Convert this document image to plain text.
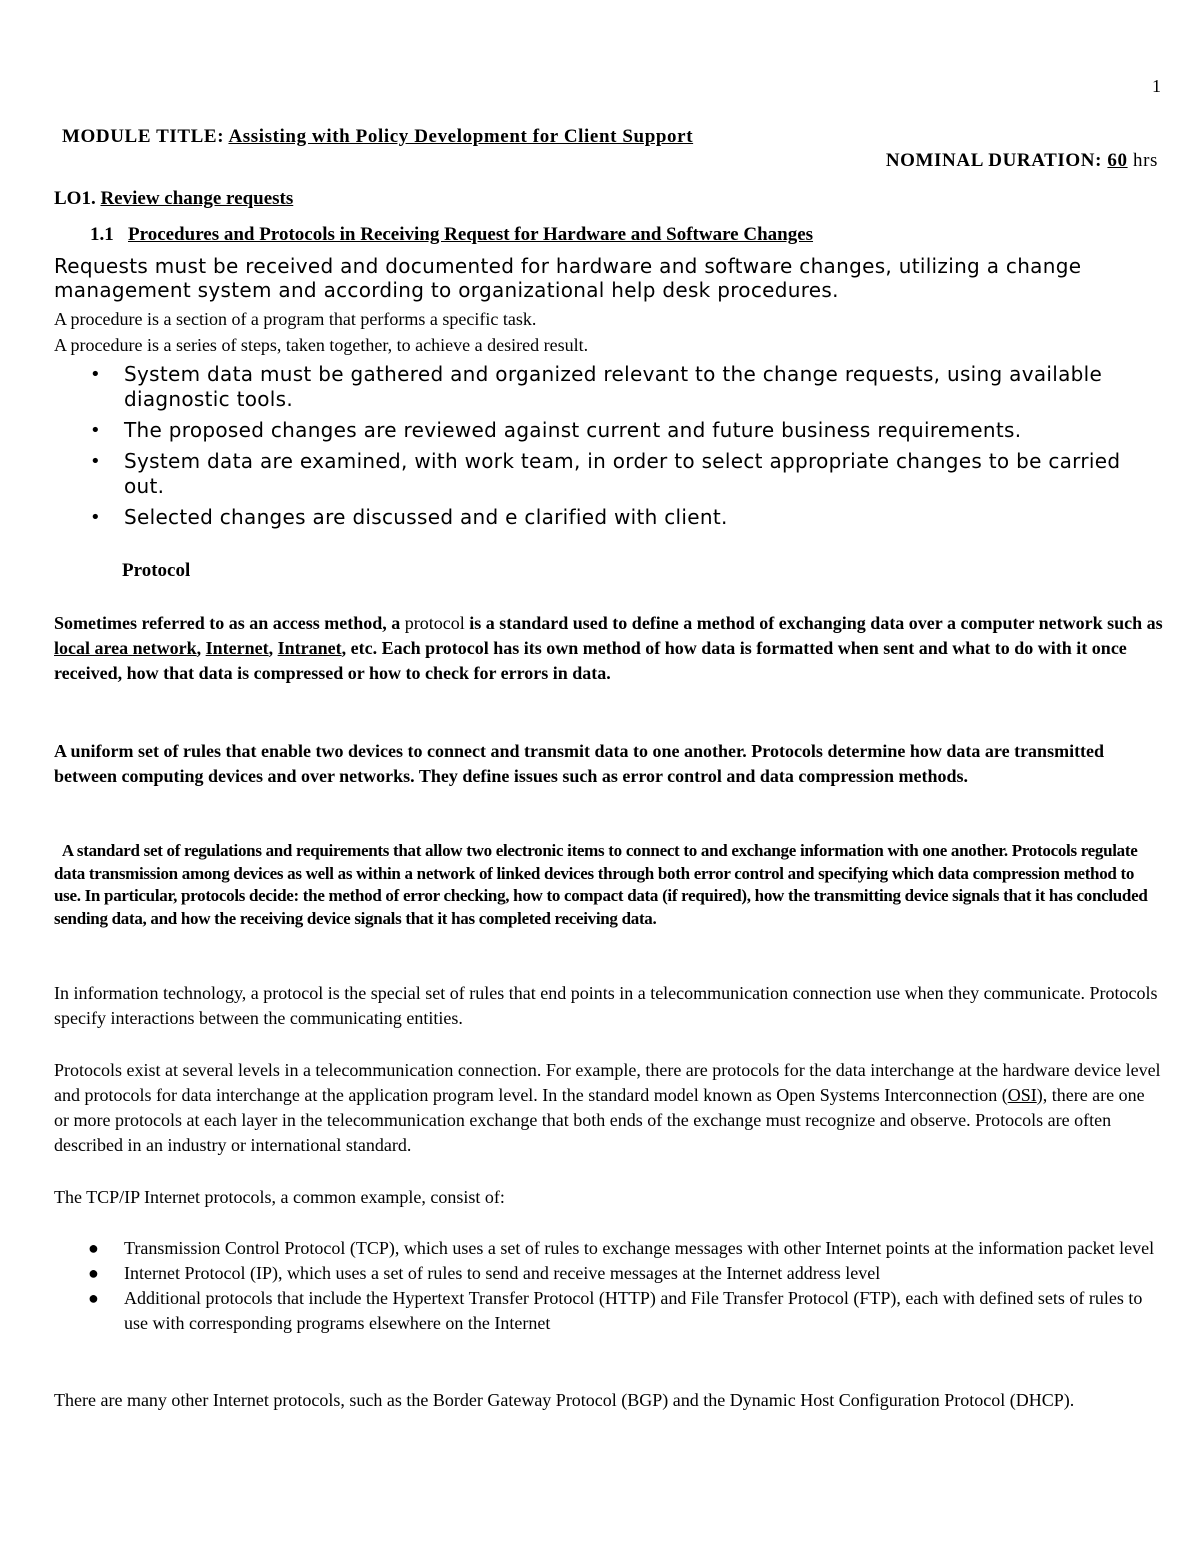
1
MODULE TITLE: Assisting with Policy Development for Client Support
NOMINAL DURATION: 60 hrs
LO1. Review change requests
1.1 Procedures and Protocols in Receiving Request for Hardware and Software Changes
Requests must be received and documented for hardware and software changes, utilizing a change management system and according to organizational help desk procedures.
A procedure is a section of a program that performs a specific task.
A procedure is a series of steps, taken together, to achieve a desired result.
• System data must be gathered and organized relevant to the change requests, using available diagnostic tools.
• The proposed changes are reviewed against current and future business requirements.
• System data are examined, with work team, in order to select appropriate changes to be carried out.
• Selected changes are discussed and e clarified with client.
Protocol
Sometimes referred to as an access method, a protocol is a standard used to define a method of exchanging data over a computer network such as local area network, Internet, Intranet, etc. Each protocol has its own method of how data is formatted when sent and what to do with it once received, how that data is compressed or how to check for errors in data.
A uniform set of rules that enable two devices to connect and transmit data to one another. Protocols determine how data are transmitted between computing devices and over networks. They define issues such as error control and data compression methods.
A standard set of regulations and requirements that allow two electronic items to connect to and exchange information with one another. Protocols regulate data transmission among devices as well as within a network of linked devices through both error control and specifying which data compression method to use. In particular, protocols decide: the method of error checking, how to compact data (if required), how the transmitting device signals that it has concluded sending data, and how the receiving device signals that it has completed receiving data.
In information technology, a protocol is the special set of rules that end points in a telecommunication connection use when they communicate. Protocols specify interactions between the communicating entities.
Protocols exist at several levels in a telecommunication connection. For example, there are protocols for the data interchange at the hardware device level and protocols for data interchange at the application program level. In the standard model known as Open Systems Interconnection (OSI), there are one or more protocols at each layer in the telecommunication exchange that both ends of the exchange must recognize and observe. Protocols are often described in an industry or international standard.
The TCP/IP Internet protocols, a common example, consist of:
● Transmission Control Protocol (TCP), which uses a set of rules to exchange messages with other Internet points at the information packet level
● Internet Protocol (IP), which uses a set of rules to send and receive messages at the Internet address level
● Additional protocols that include the Hypertext Transfer Protocol (HTTP) and File Transfer Protocol (FTP), each with defined sets of rules to use with corresponding programs elsewhere on the Internet
There are many other Internet protocols, such as the Border Gateway Protocol (BGP) and the Dynamic Host Configuration Protocol (DHCP).
